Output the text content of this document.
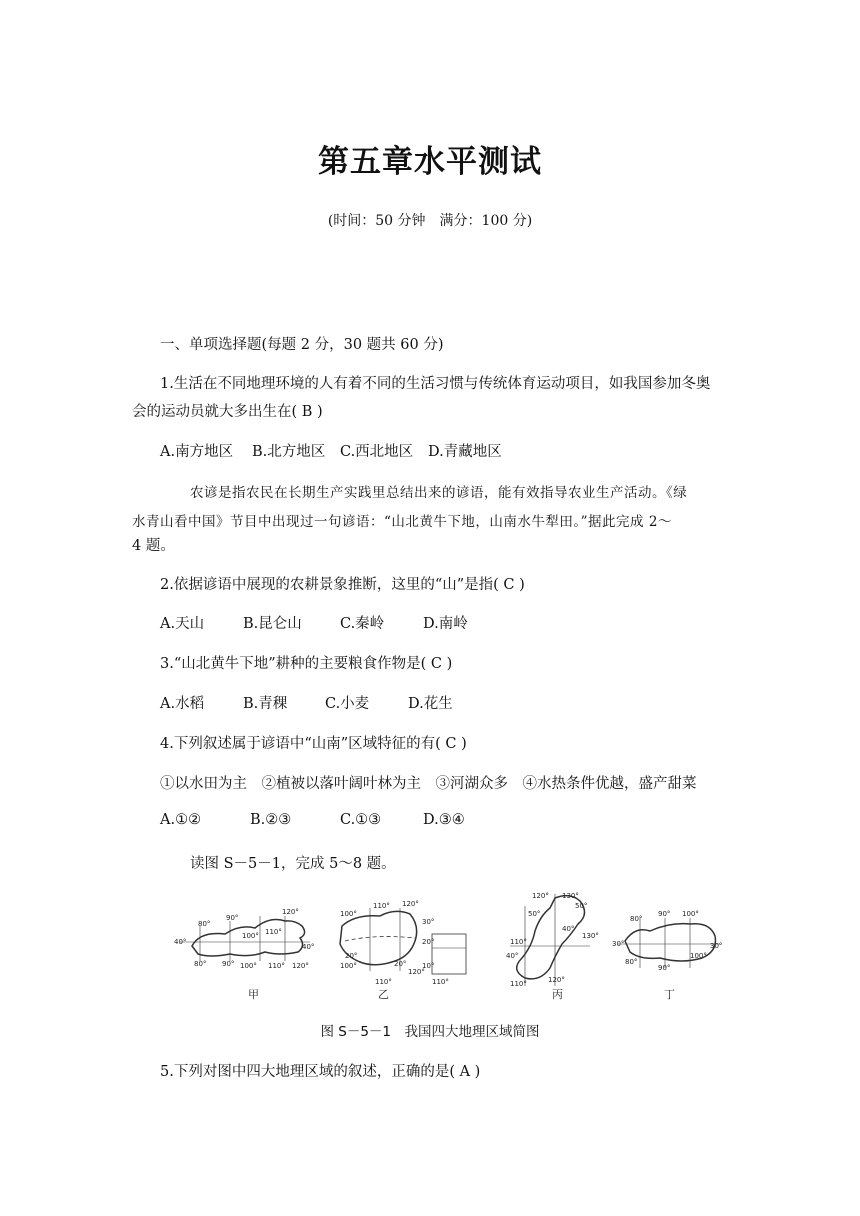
第五章水平测试
(时间：50 分钟　满分：100 分)
一、单项选择题(每题 2 分，30 题共 60 分)
1.生活在不同地理环境的人有着不同的生活习惯与传统体育运动项目，如我国参加冬奥
会的运动员就大多出生在( B )
A.南方地区 B.北方地区 C.西北地区 D.青藏地区
农谚是指农民在长期生产实践里总结出来的谚语，能有效指导农业生产活动。《绿
水青山看中国》节目中出现过一句谚语：“山北黄牛下地，山南水牛犁田。”据此完成 2～
4 题。
2.依据谚语中展现的农耕景象推断，这里的“山”是指( C )
A.天山	B.昆仑山	C.秦岭	D.南岭
3.“山北黄牛下地”耕种的主要粮食作物是( C )
A.水稻	B.青稞	C.小麦	D.花生
4.下列叙述属于谚语中“山南”区域特征的有( C )
①以水田为主　②植被以落叶阔叶林为主　③河湖众多　④水热条件优越，盛产甜菜
A.①②	B.②③	C.①③	D.③④
读图 S－5－1，完成 5～8 题。
80°
90°
120°
40°
100° 110°
40°
80° 90° 100° 110° 120°
110° 120°
100°
30°
20°
110°
120°
20°
20°
10°
110°
100°
120° 130°
50°
50°
40°
130°
110°
40°
120°
110°
90° 100°
80°
30°
80°
90°
100°
30°
甲	乙	丙	丁
图 S－5－1　我国四大地理区域简图
5.下列对图中四大地理区域的叙述，正确的是( A )
